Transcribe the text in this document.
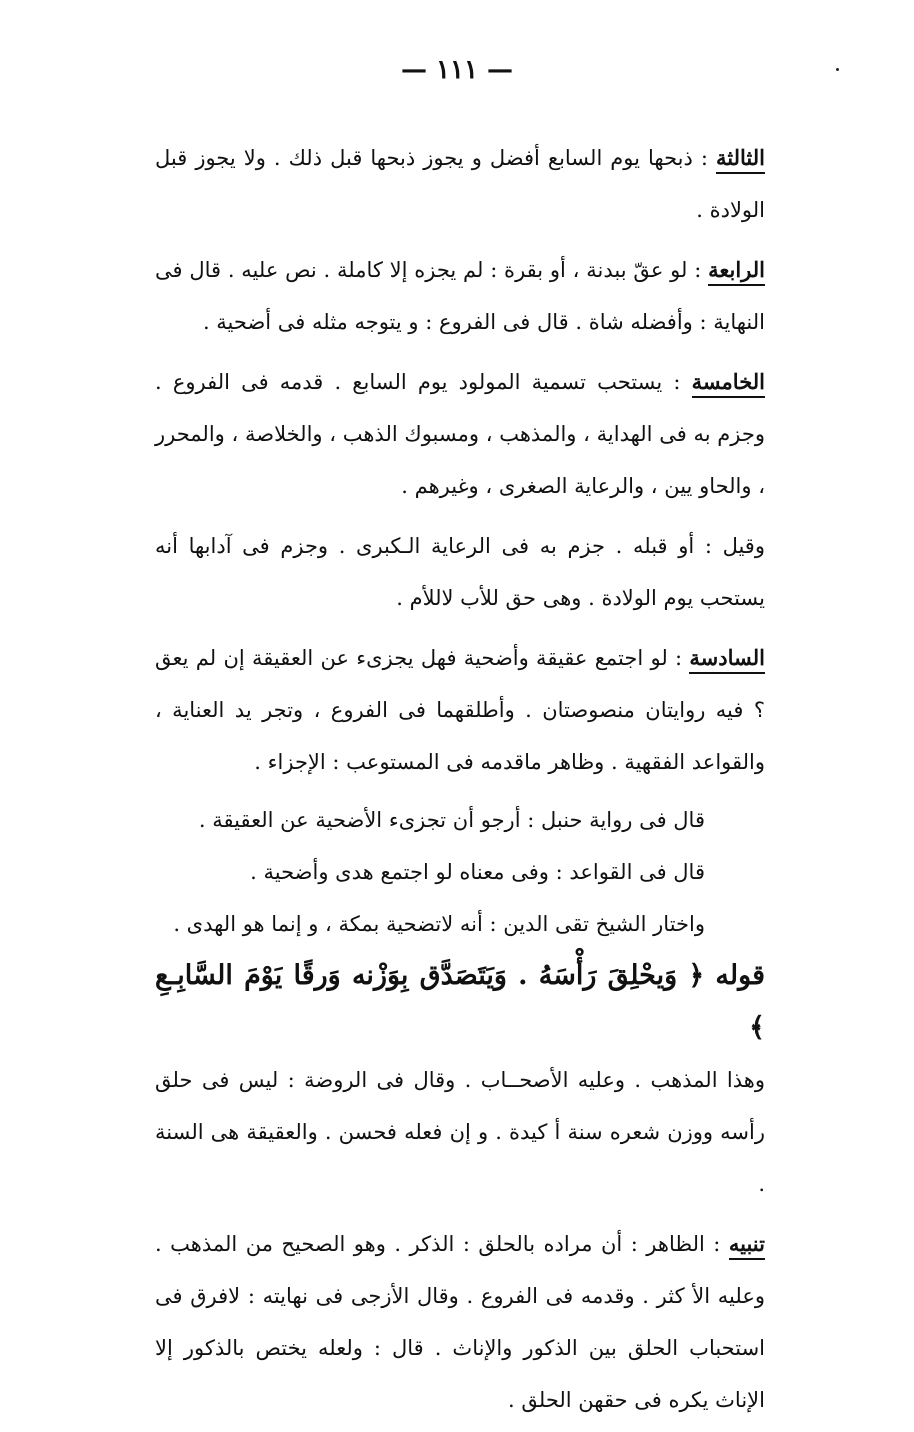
— ١١١ —

الثالثة : ذبحها يوم السابع أفضل و يجوز ذبحها قبل ذلك . ولا يجوز قبل الولادة .

الرابعة : لو عقّ ببدنة ، أو بقرة : لم يجزه إلا كاملة . نص عليه . قال فى النهاية : وأفضله شاة . قال فى الفروع : و يتوجه مثله فى أضحية .

الخامسة : يستحب تسمية المولود يوم السابع . قدمه فى الفروع . وجزم به فى الهداية ، والمذهب ، ومسبوك الذهب ، والخلاصة ، والمحرر ، والحاو يين ، والرعاية الصغرى ، وغيرهم .

وقيل : أو قبله . جزم به فى الرعاية الـكبرى . وجزم فى آدابها أنه يستحب يوم الولادة . وهى حق للأب لاللأم .

السادسة : لو اجتمع عقيقة وأضحية فهل يجزىء عن العقيقة إن لم يعق ؟ فيه روايتان منصوصتان . وأطلقهما فى الفروع ، وتجر يد العناية ، والقواعد الفقهية . وظاهر ماقدمه فى المستوعب : الإجزاء .

قال فى رواية حنبل : أرجو أن تجزىء الأضحية عن العقيقة .

قال فى القواعد : وفى معناه لو اجتمع هدى وأضحية .

واختار الشيخ تقى الدين : أنه لاتضحية بمكة ، و إنما هو الهدى .

قوله ﴿ وَيحْلِقَ رَأْسَهُ . وَيَتَصَدَّق بِوَزْنه وَرقًا يَوْمَ السَّابِـعِ ﴾

وهذا المذهب . وعليه الأصحــاب . وقال فى الروضة : ليس فى حلق رأسه ووزن شعره سنة أ كيدة . و إن فعله فحسن . والعقيقة هى السنة .

تنبيه : الظاهر : أن مراده بالحلق : الذكر . وهو الصحيح من المذهب . وعليه الأ كثر . وقدمه فى الفروع . وقال الأزجى فى نهايته : لافرق فى استحباب الحلق بين الذكور والإناث . قال : ولعله يختص بالذكور إلا الإناث يكره فى حقهن الحلق .
